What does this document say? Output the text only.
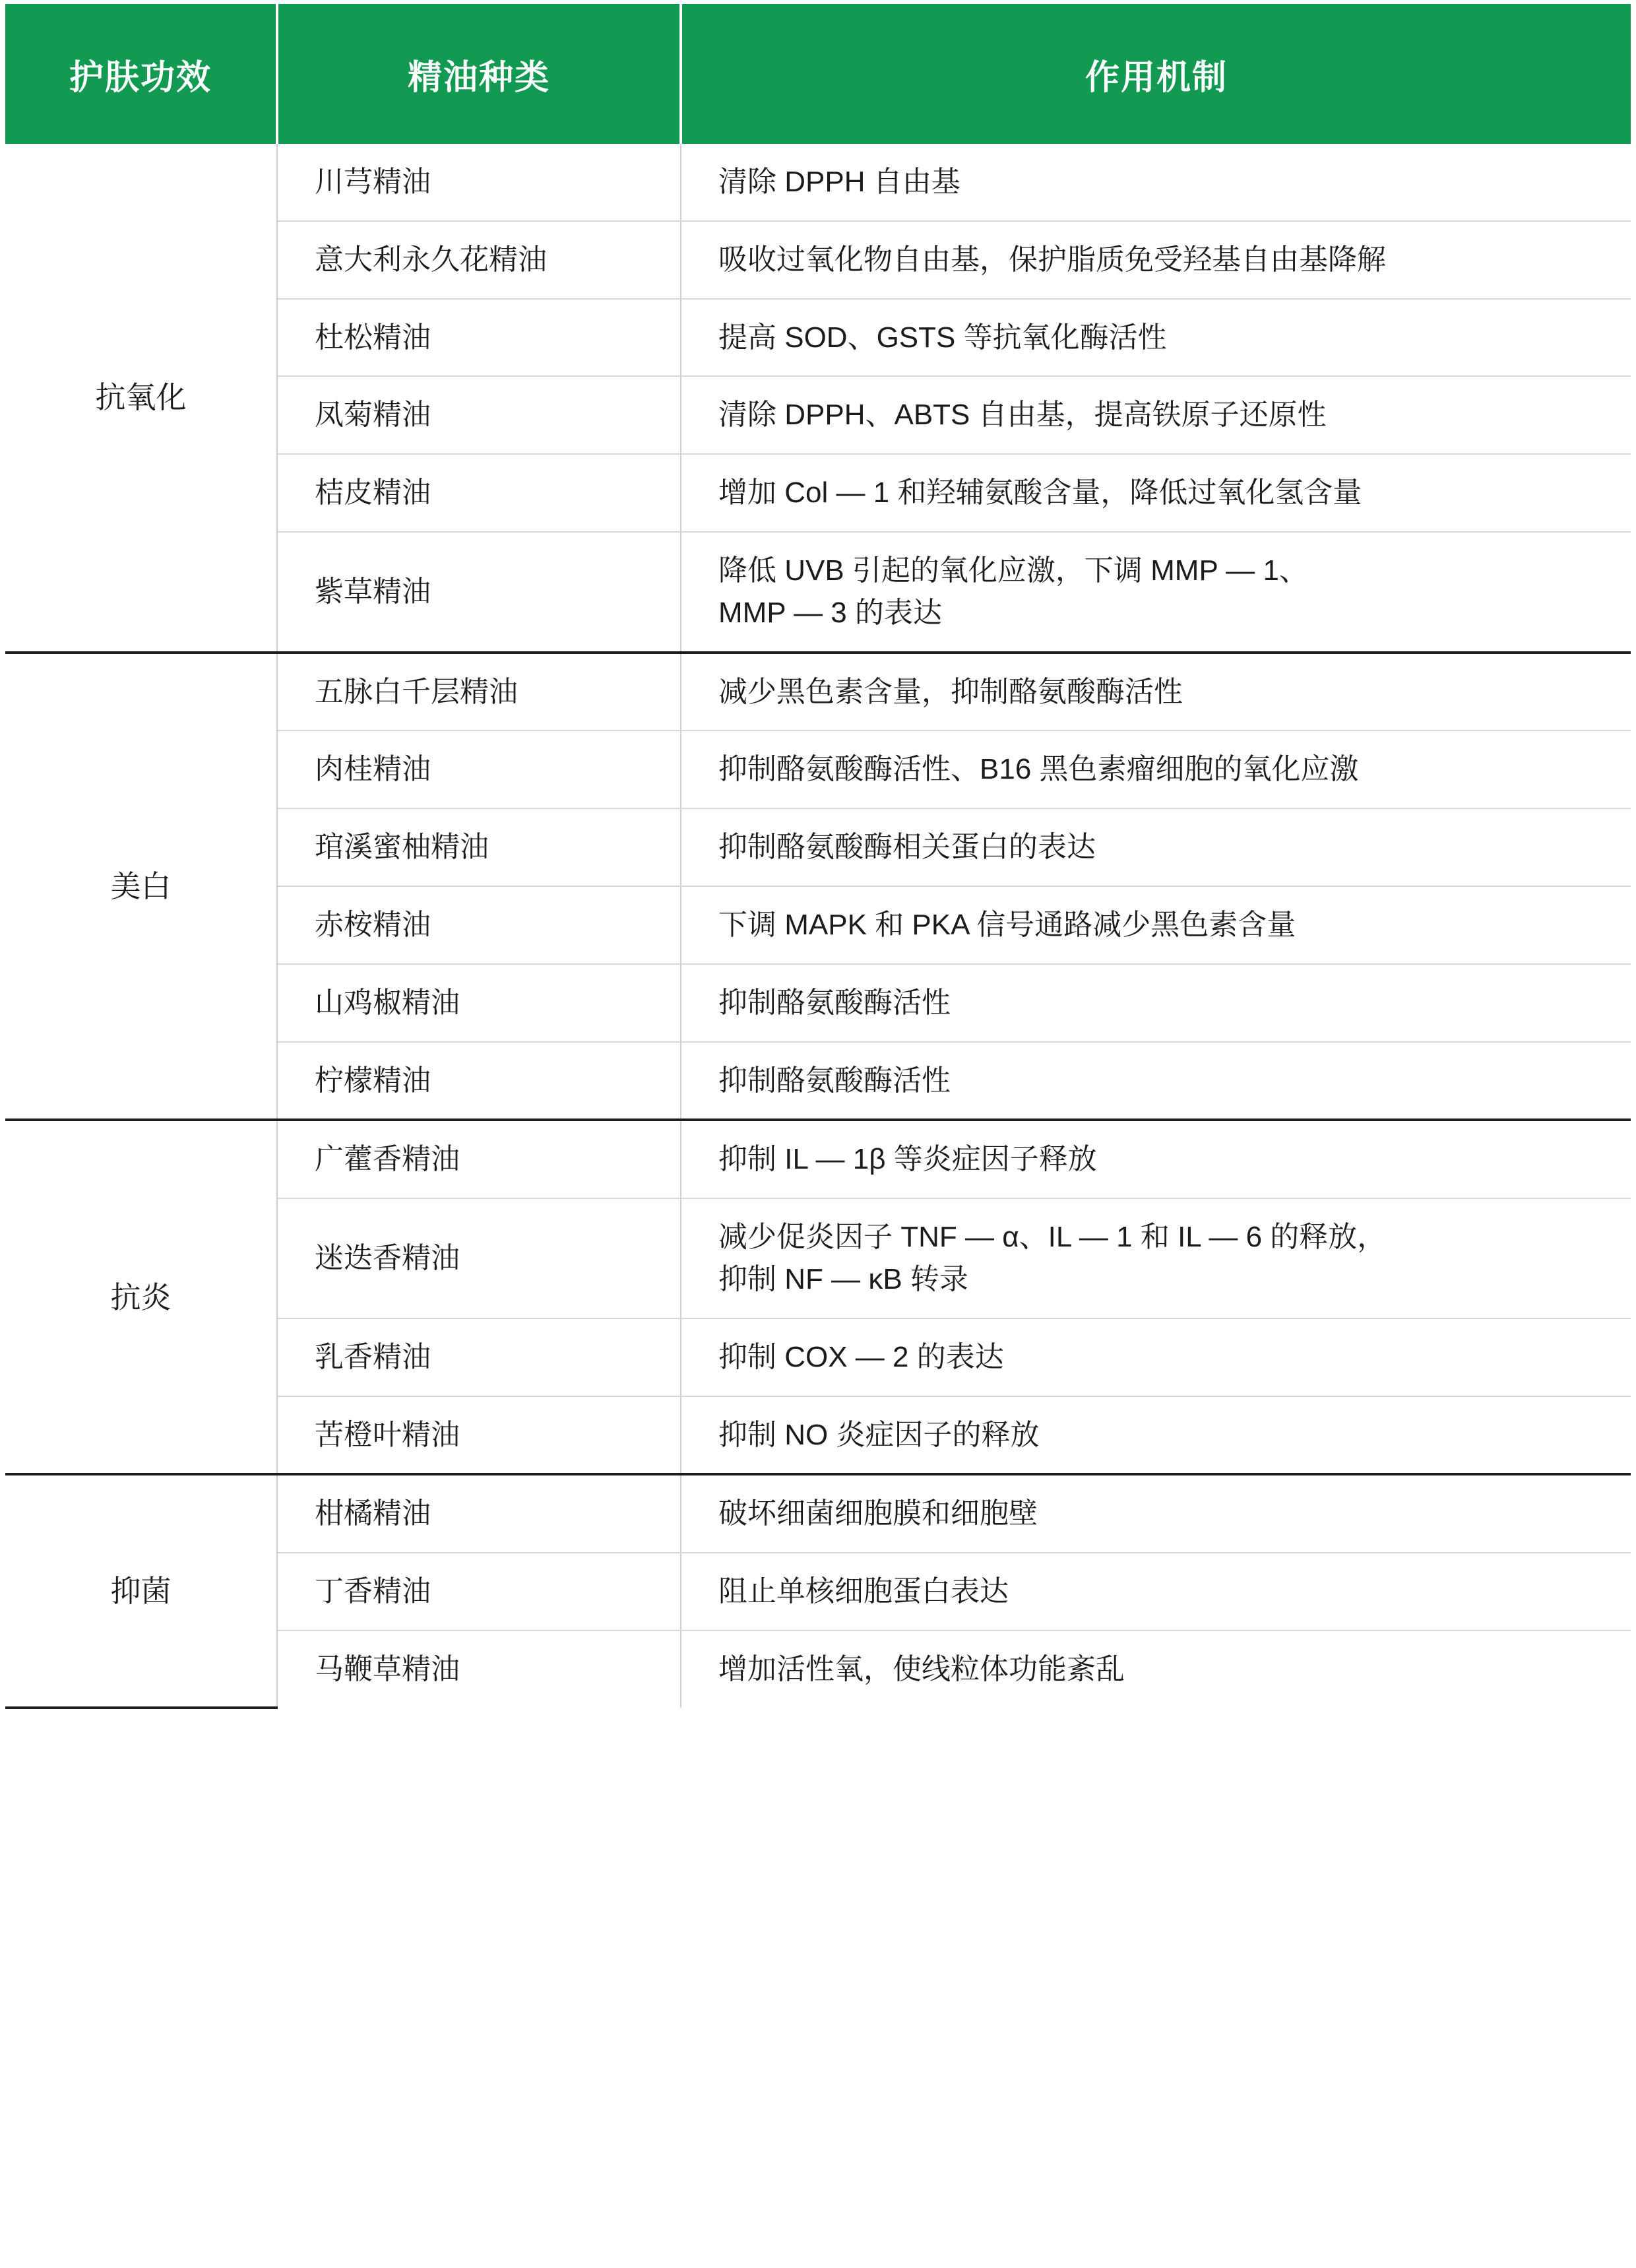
护肤功效	精油种类	作用机制
抗氧化	川芎精油	清除 DPPH 自由基
	意大利永久花精油	吸收过氧化物自由基，保护脂质免受羟基自由基降解
	杜松精油	提高 SOD、GSTS 等抗氧化酶活性
	凤菊精油	清除 DPPH、ABTS 自由基，提高铁原子还原性
	桔皮精油	增加 Col — 1 和羟辅氨酸含量，降低过氧化氢含量
	紫草精油	降低 UVB 引起的氧化应激，下调 MMP — 1、
MMP — 3 的表达

美白	五脉白千层精油	减少黑色素含量，抑制酪氨酸酶活性
	肉桂精油	抑制酪氨酸酶活性、B16 黑色素瘤细胞的氧化应激
	琯溪蜜柚精油	抑制酪氨酸酶相关蛋白的表达
	赤桉精油	下调 MAPK 和 PKA 信号通路减少黑色素含量
	山鸡椒精油	抑制酪氨酸酶活性
	柠檬精油	抑制酪氨酸酶活性
抗炎	广藿香精油	抑制 IL — 1β 等炎症因子释放
	迷迭香精油	减少促炎因子 TNF — α、IL — 1 和 IL — 6 的释放，
抑制 NF — κB 转录

	乳香精油	抑制 COX — 2 的表达
	苦橙叶精油	抑制 NO 炎症因子的释放
抑菌	柑橘精油	破坏细菌细胞膜和细胞壁
	丁香精油	阻止单核细胞蛋白表达
	马鞭草精油	增加活性氧，使线粒体功能紊乱
